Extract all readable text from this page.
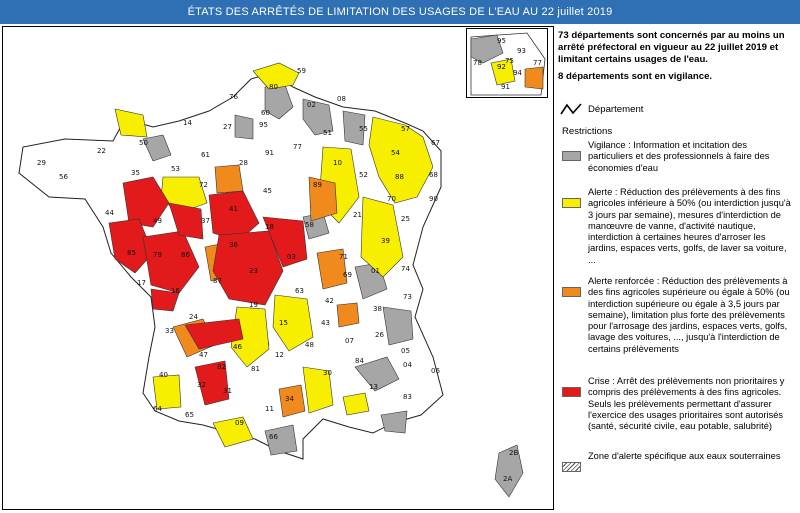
ÉTATS DES ARRÊTÉS DE LIMITATION DES USAGES DE L'EAU AU 22 juillet 2019
76
60
80
02
08
59
14	27	95
51	55	57
67
50
29
22
56	35	53
72
61
28
91
77
10
52
54
88	68
70
25
90
39
21
89
45
41
37
49
44
85	86
79
36
18	58
71
01	74
73
38
69
42
03
23
87
16
17
24
19
15
63
43
07
26
05
04
06
83
13
84
30
48
12
46
47
33
40
64
65
32
31
09
11
81
82
34
66
2A
2B
95
93
78 92
75
94
77
91

73 départements sont concernés par au moins un arrêté préfectoral en vigueur au 22 juillet 2019 et limitant certains usages de l'eau.

8 départements sont en vigilance.

Département
Restrictions
Vigilance : Information et incitation des particuliers et des professionnels à faire des économies d'eau
Alerte : Réduction des prélèvements à des fins agricoles inférieure à 50% (ou interdiction jusqu'à 3 jours par semaine), mesures d'interdiction de manœuvre de vanne, d'activité nautique, interdiction à certaines heures d'arroser les jardins, espaces verts, golfs, de laver sa voiture, ...
Alerte renforcée : Réduction des prélèvements à des fins agricoles supérieure ou égale à 50% (ou interdiction supérieure ou égale à 3,5 jours par semaine), limitation plus forte des prélèvements pour l'arrosage des jardins, espaces verts, golfs, lavage des voitures, ..., jusqu'à l'interdiction de certains prélèvements
Crise : Arrêt des prélèvements non prioritaires y compris des prélèvements à des fins agricoles. Seuls les prélèvements permettant d'assurer l'exercice des usages prioritaires sont autorisés (santé, sécurité civile, eau potable, salubrité)
Zone d'alerte spécifique aux eaux souterraines
